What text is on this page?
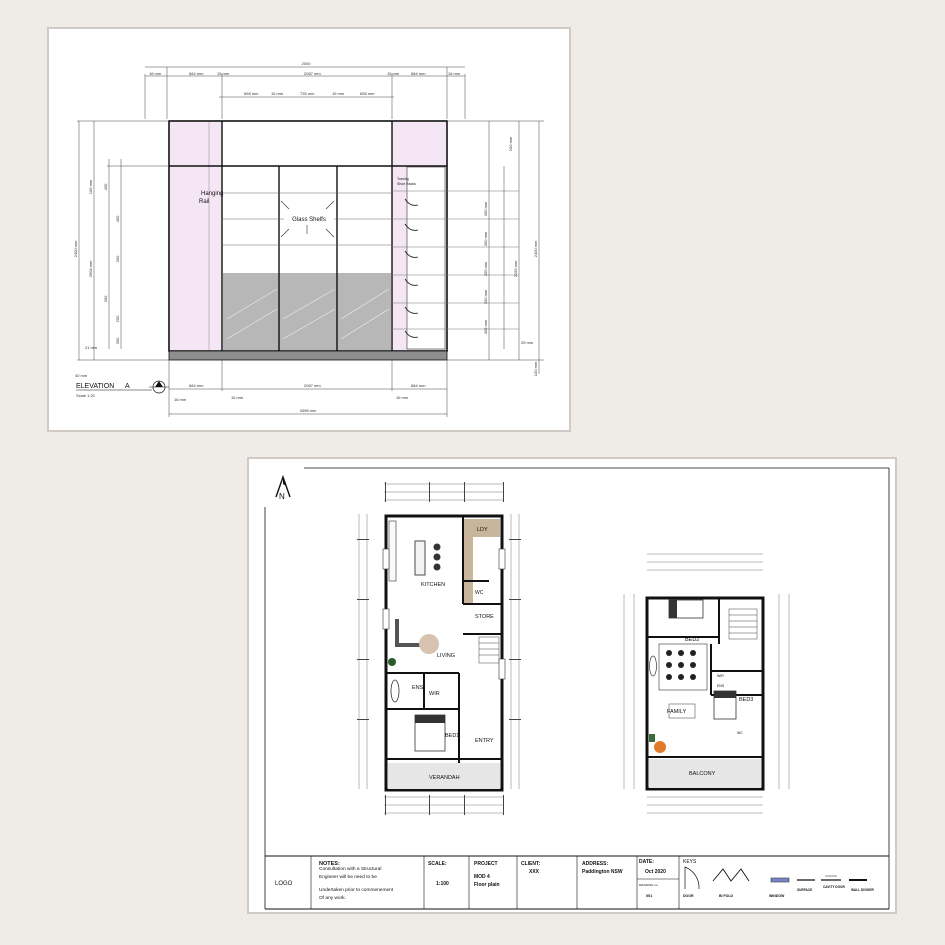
2000
16 mm	684 mm	15 mm	2067 mm	15 mm	684 mm	16 mm
658 mm	15 mm	735 mm	15 mm	658 mm
Hanging
Rail
Glass Shelfs
Turning
Shoe Racks
2400 mm
2604 mm
109 mm	430
400
300
300
200
300
40 mm
21 mm
200 mm
300 mm
300 mm
300 mm
300 mm
408 mm
2400 mm
2156 mm
25 mm
100 mm
684 mm	2067 mm	684 mm
15 mm	16 mm
16 mm
3398 mm
ELEVATION A
Scale 1:20
N
LDY
KITCHEN
WC
STORE
LIVING
ENS
WIR
BED1
ENTRY
VERANDAH
BED2
BED3
FAMILY
BALCONY
WIR
ENS
WC
LOGO
NOTES:
Consultation with a Structural
Engineer will be need to be
Undertaken prior to commenement
Of any work.
SCALE:
1:100
PROJECT
MOD 4
Floor plain
CLIENT:
XXX
ADDRESS:
Paddington NSW
DATE:
Oct 2020
DRAWING no.
001
KEYS
DOOR	BI FOLD	WINDOW
SURFACE
CAVITY DOOR
WALL DIVIDER
